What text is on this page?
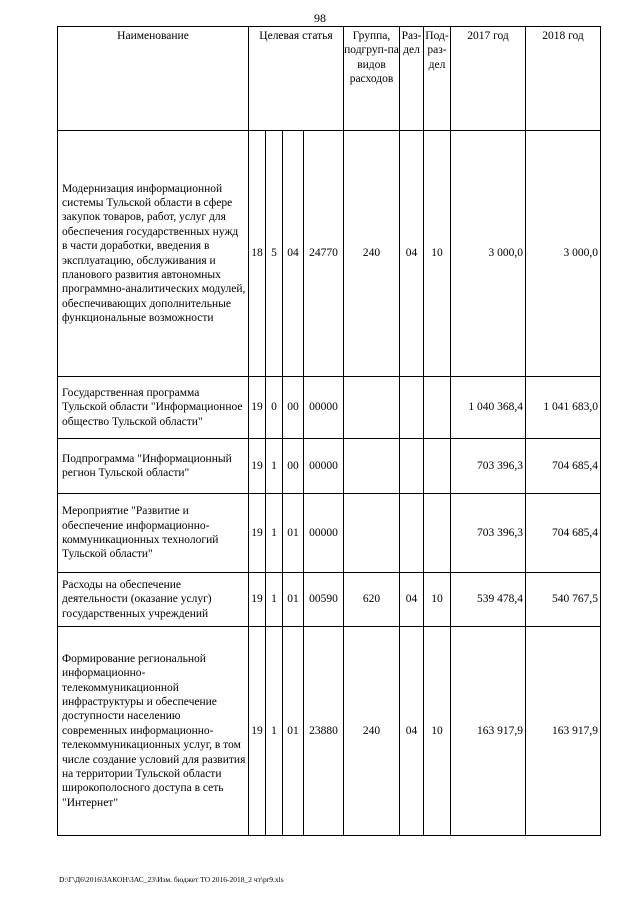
98
Наименование	Целевая статья				Группа, подгруп-па видов расходов	Раз-дел	Под-раз-дел	2017 год	2018 год
Модернизация информационной системы Тульской области в сфере закупок товаров, работ, услуг для обеспечения государственных нужд в части доработки, введения в эксплуатацию, обслуживания и планового развития автономных программно-аналитических модулей, обеспечивающих дополнительные функциональные возможности	18	5	04	24770	240	04	10	3 000,0	3 000,0
Государственная программа Тульской области "Информационное общество Тульской области"	19	0	00	00000				1 040 368,4	1 041 683,0
Подпрограмма "Информационный регион Тульской области"	19	1	00	00000				703 396,3	704 685,4
Мероприятие "Развитие и обеспечение информационно-коммуникационных технологий Тульской области"	19	1	01	00000				703 396,3	704 685,4
Расходы на обеспечение деятельности (оказание услуг) государственных учреждений	19	1	01	00590	620	04	10	539 478,4	540 767,5
Формирование региональной информационно-телекоммуникационной инфраструктуры и обеспечение доступности населению современных информационно-телекоммуникационных услуг, в том числе создание условий для развития на территории Тульской области широкополосного доступа в сеть "Интернет"	19	1	01	23880	240	04	10	163 917,9	163 917,9
D:\Г\Д6\2016\ЗАКОН\ЗАС_23\Изм. бюджет ТО 2016-2018_2 чт\pr9.xls
